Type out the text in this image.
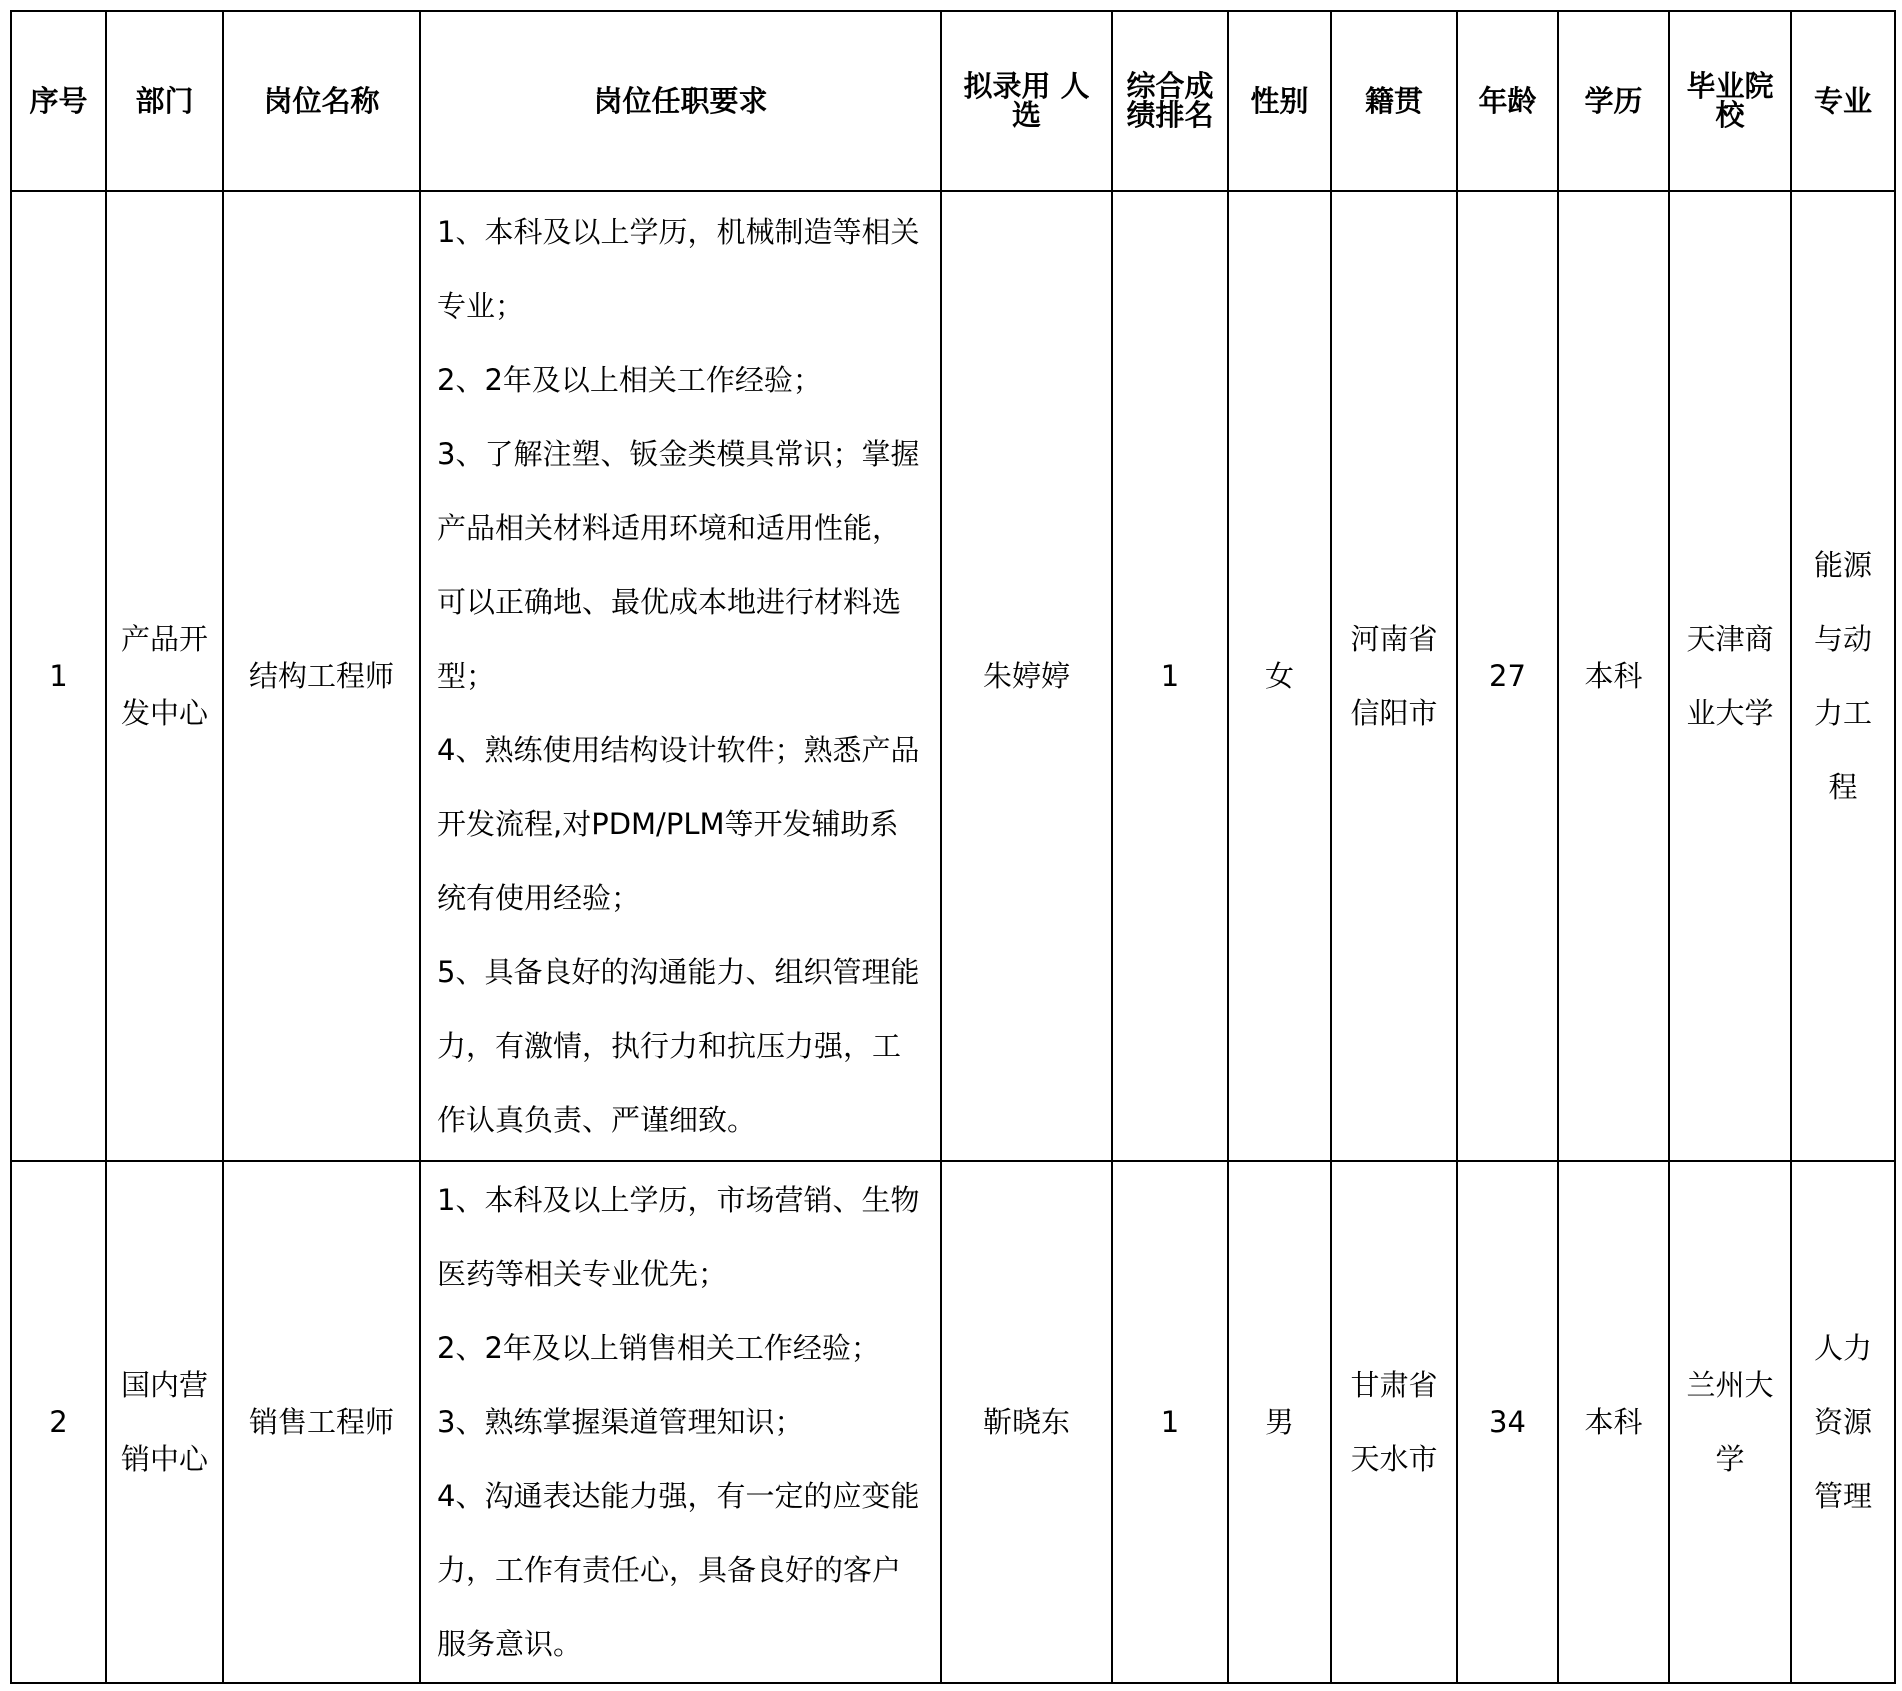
序号	部门	岗位名称	岗位任职要求	拟录用 人选	综合成绩排名	性别	籍贯	年龄	学历	毕业院校	专业
1	产品开发中心	结构工程师	1、本科及以上学历，机械制造等相关专业；
2、2年及以上相关工作经验；
3、了解注塑、钣金类模具常识；掌握产品相关材料适用环境和适用性能，可以正确地、最优成本地进行材料选型；
4、熟练使用结构设计软件；熟悉产品开发流程,对PDM/PLM等开发辅助系统有使用经验；
5、具备良好的沟通能力、组织管理能力，有激情，执行力和抗压力强，工作认真负责、严谨细致。	朱婷婷	1	女	河南省信阳市	27	本科	天津商业大学	能源与动力工程
2	国内营销中心	销售工程师	1、本科及以上学历，市场营销、生物医药等相关专业优先；
2、2年及以上销售相关工作经验；
3、熟练掌握渠道管理知识；
4、沟通表达能力强，有一定的应变能力，工作有责任心，具备良好的客户服务意识。	靳晓东	1	男	甘肃省天水市	34	本科	兰州大学	人力资源管理
